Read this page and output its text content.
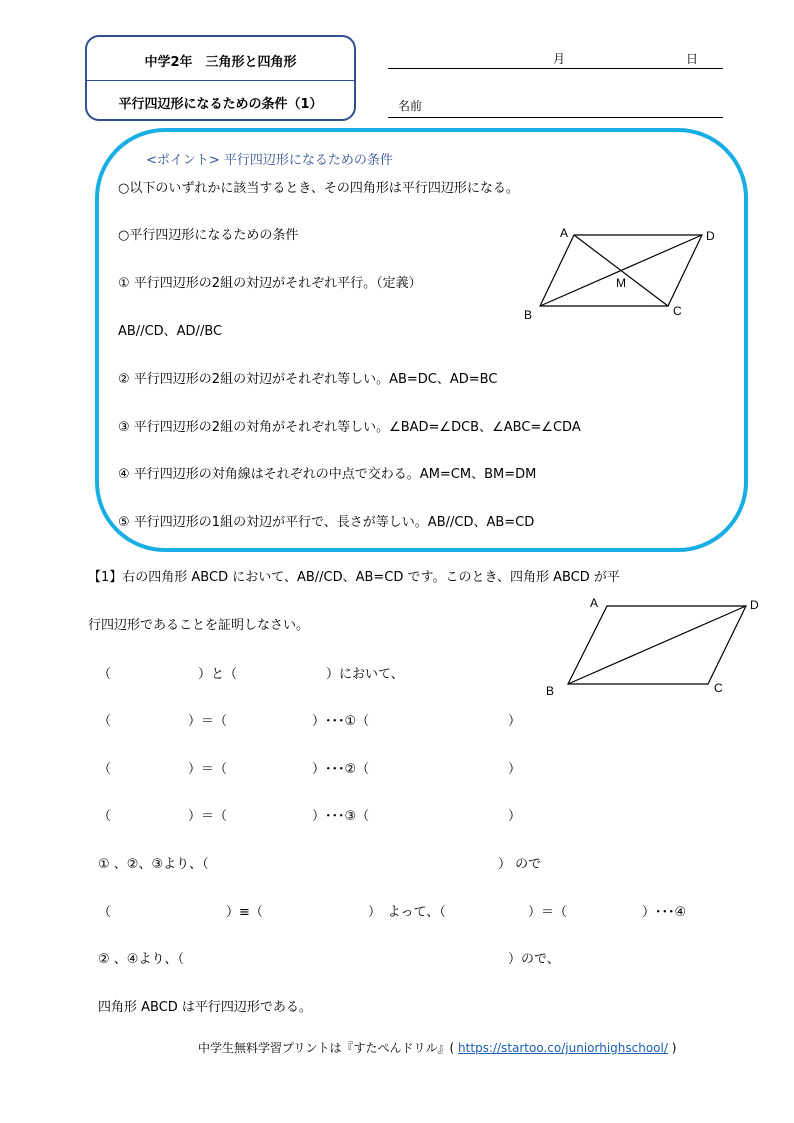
中学2年　三角形と四角形
平行四辺形になるための条件（1）
月	日
名前
<ポイント> 平行四辺形になるための条件
○以下のいずれかに該当するとき、その四角形は平行四辺形になる。
○平行四辺形になるための条件
① 平行四辺形の2組の対辺がそれぞれ平行。（定義）
AB//CD、AD//BC
② 平行四辺形の2組の対辺がそれぞれ等しい。AB=DC、AD=BC
③ 平行四辺形の2組の対角がそれぞれ等しい。∠BAD=∠DCB、∠ABC=∠CDA
④ 平行四辺形の対角線はそれぞれの中点で交わる。AM=CM、BM=DM
⑤ 平行四辺形の1組の対辺が平行で、長さが等しい。AB//CD、AB=CD
A	D
M
B	C
【1】右の四角形 ABCD において、AB//CD、AB=CD です。このとき、四角形 ABCD が平
行四辺形であることを証明しなさい。
A	D
B	C
（	）と（	）において、
（	）＝（	）･･･①（	）
（	）＝（	）･･･②（	）
（	）＝（	）･･･③（	）
① 、②、③より、（	） ので
（	）≡（	）　よって、（	）＝（	）･･･④
② 、④より、（	）ので、
四角形 ABCD は平行四辺形である。
中学生無料学習プリントは『すたぺんドリル』( https://startoo.co/juniorhighschool/ )
